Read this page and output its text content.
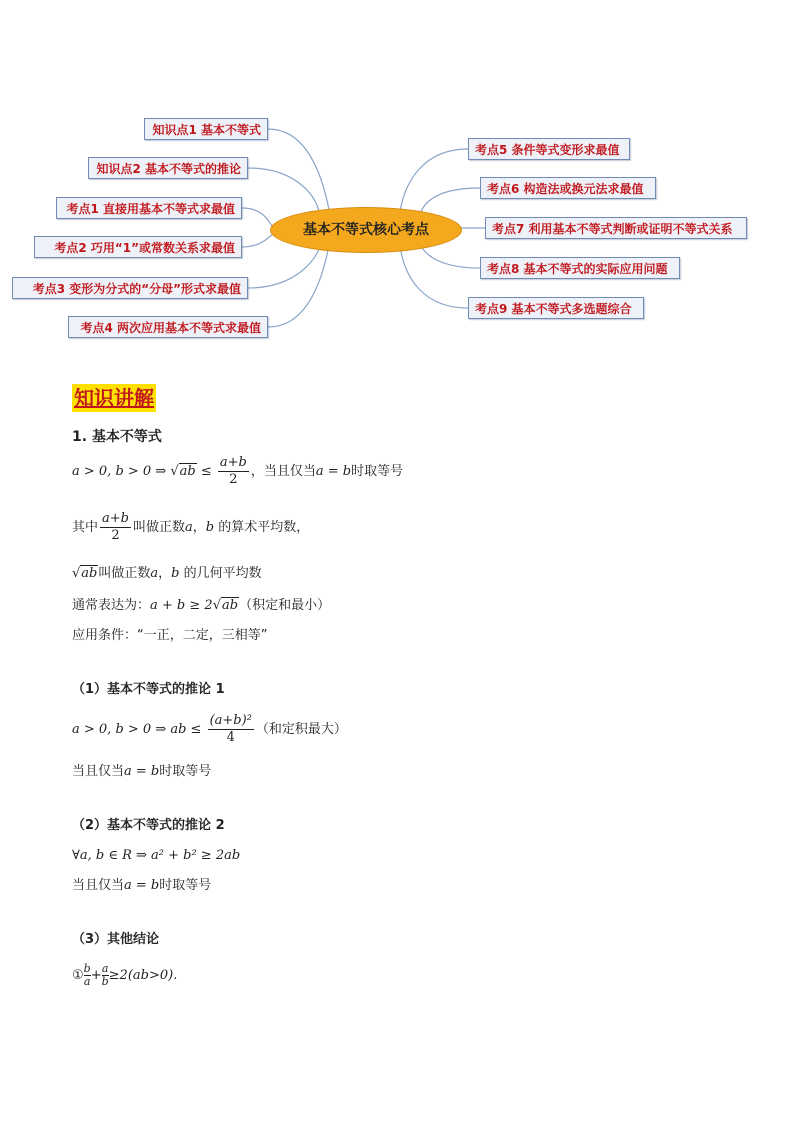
知识点1 基本不等式
知识点2 基本不等式的推论
考点1 直接用基本不等式求最值
考点2 巧用“1”或常数关系求最值
考点3 变形为分式的“分母”形式求最值
考点4 两次应用基本不等式求最值
基本不等式核心考点
考点5 条件等式变形求最值
考点6 构造法或换元法求最值
考点7 利用基本不等式判断或证明不等式关系
考点8 基本不等式的实际应用问题
考点9 基本不等式多选题综合
知识讲解
1. 基本不等式
a > 0, b > 0 ⇒ $√ab \le \frac{a+b}{2}$ ，当且仅当a = b时取等号
其中 $\frac{a+b}{2}$ 叫做正数a，b 的算术平均数，
√ab叫做正数a，b 的几何平均数
通常表达为：a + b ≥ 2√ab（积定和最小）
应用条件：“一正，二定，三相等”
（1）基本不等式的推论 1
a > 0, b > 0 ⇒ ab ≤ $\frac{\text{(a+b)²}}{4}$ （和定积最大）
当且仅当a = b时取等号
（2）基本不等式的推论 2
∀a, b ∈ R ⇒ a² + b² ≥ 2ab
当且仅当a = b时取等号
（3）其他结论
① $\frac{b}{a} + \frac{a}{b} \ge 2(ab>0)$.
